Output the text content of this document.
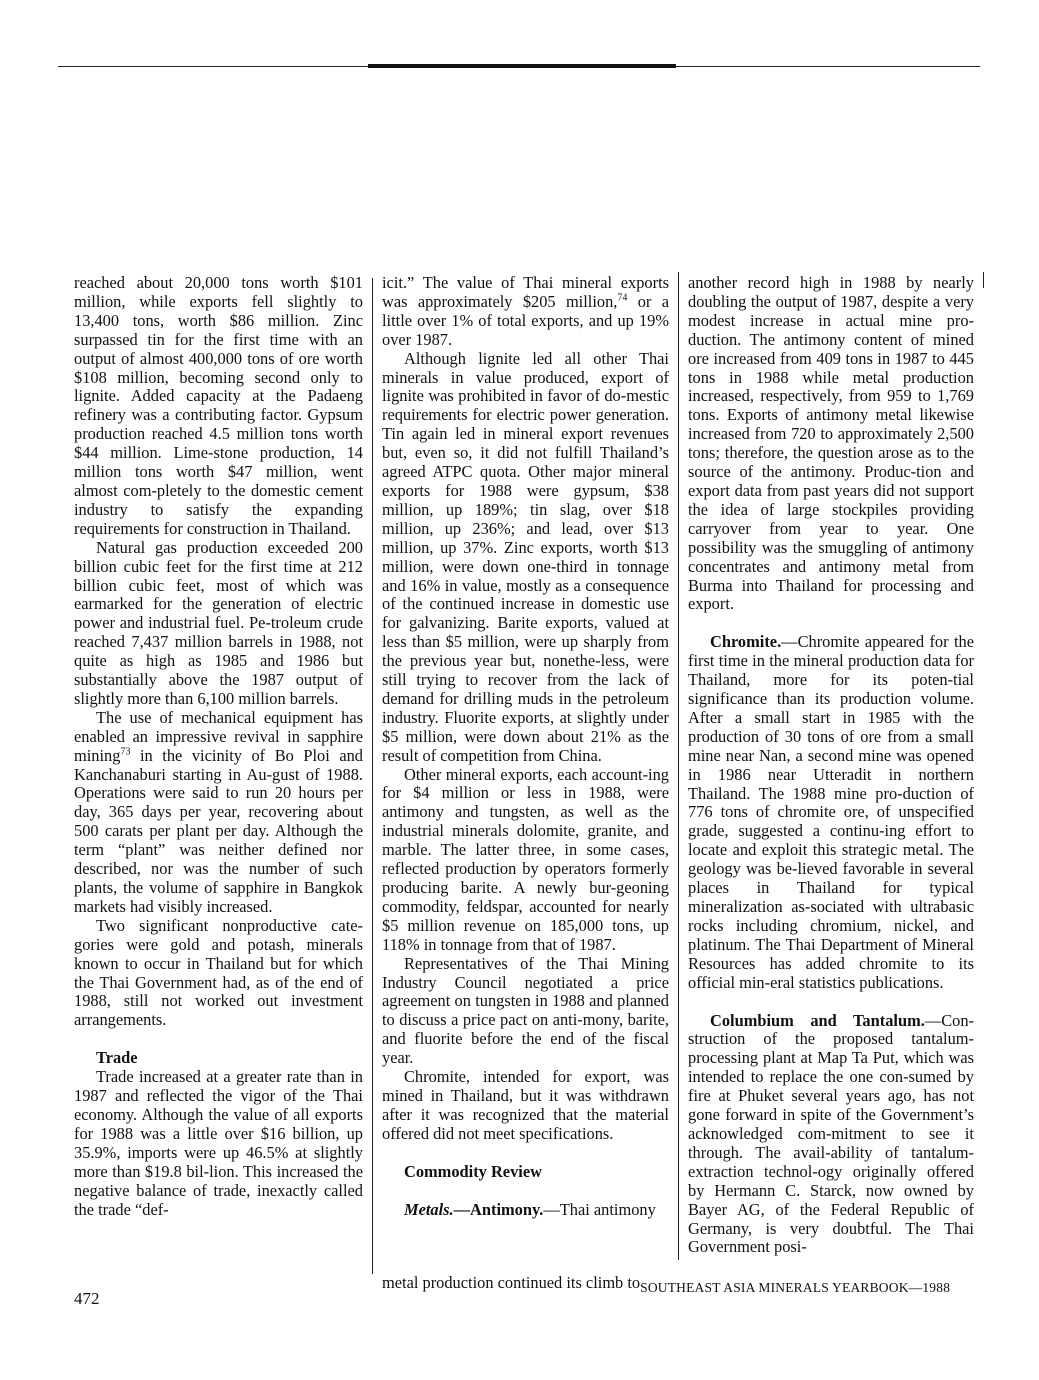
reached about 20,000 tons worth $101 million, while exports fell slightly to 13,400 tons, worth $86 million. Zinc surpassed tin for the first time with an output of almost 400,000 tons of ore worth $108 million, becoming second only to lignite. Added capacity at the Padaeng refinery was a contributing factor. Gypsum production reached 4.5 million tons worth $44 million. Lime-stone production, 14 million tons worth $47 million, went almost com-pletely to the domestic cement industry to satisfy the expanding requirements for construction in Thailand.

Natural gas production exceeded 200 billion cubic feet for the first time at 212 billion cubic feet, most of which was earmarked for the generation of electric power and industrial fuel. Pe-troleum crude reached 7,437 million barrels in 1988, not quite as high as 1985 and 1986 but substantially above the 1987 output of slightly more than 6,100 million barrels.

The use of mechanical equipment has enabled an impressive revival in sapphire mining$^{73}$ in the vicinity of Bo Ploi and Kanchanaburi starting in Au-gust of 1988. Operations were said to run 20 hours per day, 365 days per year, recovering about 500 carats per plant per day. Although the term “plant” was neither defined nor described, nor was the number of such plants, the volume of sapphire in Bangkok markets had visibly increased.

Two significant nonproductive cate-gories were gold and potash, minerals known to occur in Thailand but for which the Thai Government had, as of the end of 1988, still not worked out investment arrangements.

Trade

Trade increased at a greater rate than in 1987 and reflected the vigor of the Thai economy. Although the value of all exports for 1988 was a little over $16 billion, up 35.9%, imports were up 46.5% at slightly more than $19.8 bil-lion. This increased the negative balance of trade, inexactly called the trade “def-

icit.” The value of Thai mineral exports was approximately $205 million,$^{74}$ or a little over 1% of total exports, and up 19% over 1987.

Although lignite led all other Thai minerals in value produced, export of lignite was prohibited in favor of do-mestic requirements for electric power generation. Tin again led in mineral export revenues but, even so, it did not fulfill Thailand’s agreed ATPC quota. Other major mineral exports for 1988 were gypsum, $38 million, up 189%; tin slag, over $18 million, up 236%; and lead, over $13 million, up 37%. Zinc exports, worth $13 million, were down one-third in tonnage and 16% in value, mostly as a consequence of the continued increase in domestic use for galvanizing. Barite exports, valued at less than $5 million, were up sharply from the previous year but, nonethe-less, were still trying to recover from the lack of demand for drilling muds in the petroleum industry. Fluorite exports, at slightly under $5 million, were down about 21% as the result of competition from China.

Other mineral exports, each account-ing for $4 million or less in 1988, were antimony and tungsten, as well as the industrial minerals dolomite, granite, and marble. The latter three, in some cases, reflected production by operators formerly producing barite. A newly bur-geoning commodity, feldspar, accounted for nearly $5 million revenue on 185,000 tons, up 118% in tonnage from that of 1987.

Representatives of the Thai Mining Industry Council negotiated a price agreement on tungsten in 1988 and planned to discuss a price pact on anti-mony, barite, and fluorite before the end of the fiscal year.

Chromite, intended for export, was mined in Thailand, but it was withdrawn after it was recognized that the material offered did not meet specifications.

Commodity Review

Metals.—Antimony.—Thai antimony

another record high in 1988 by nearly doubling the output of 1987, despite a very modest increase in actual mine pro-duction. The antimony content of mined ore increased from 409 tons in 1987 to 445 tons in 1988 while metal production increased, respectively, from 959 to 1,769 tons. Exports of antimony metal likewise increased from 720 to approximately 2,500 tons; therefore, the question arose as to the source of the antimony. Produc-tion and export data from past years did not support the idea of large stockpiles providing carryover from year to year. One possibility was the smuggling of antimony concentrates and antimony metal from Burma into Thailand for processing and export.

Chromite.—Chromite appeared for the first time in the mineral production data for Thailand, more for its poten-tial significance than its production volume. After a small start in 1985 with the production of 30 tons of ore from a small mine near Nan, a second mine was opened in 1986 near Utteradit in northern Thailand. The 1988 mine pro-duction of 776 tons of chromite ore, of unspecified grade, suggested a continu-ing effort to locate and exploit this strategic metal. The geology was be-lieved favorable in several places in Thailand for typical mineralization as-sociated with ultrabasic rocks including chromium, nickel, and platinum. The Thai Department of Mineral Resources has added chromite to its official min-eral statistics publications.

Columbium and Tantalum.—Con-struction of the proposed tantalum-processing plant at Map Ta Put, which was intended to replace the one con-sumed by fire at Phuket several years ago, has not gone forward in spite of the Government’s acknowledged com-mitment to see it through. The avail-ability of tantalum-extraction technol-ogy originally offered by Hermann C. Starck, now owned by Bayer AG, of the Federal Republic of Germany, is very doubtful. The Thai Government posi-

472
metal production continued its climb $to_{SOUTHEAST ASIA MINERALS YEARBOOK—1988}$
